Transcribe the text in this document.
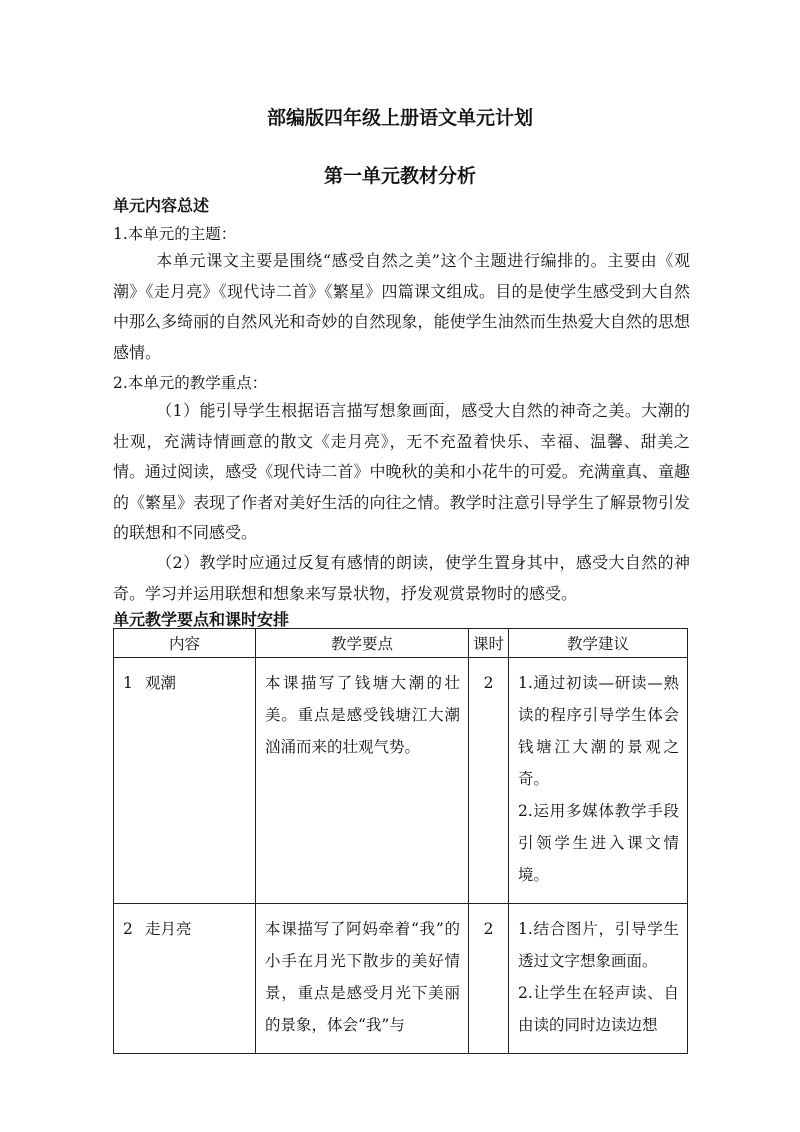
部编版四年级上册语文单元计划
第一单元教材分析
单元内容总述
1.本单元的主题：
本单元课文主要是围绕“感受自然之美”这个主题进行编排的。主要由《观潮》《走月亮》《现代诗二首》《繁星》四篇课文组成。目的是使学生感受到大自然中那么多绮丽的自然风光和奇妙的自然现象，能使学生油然而生热爱大自然的思想感情。
2.本单元的教学重点：
（1）能引导学生根据语言描写想象画面，感受大自然的神奇之美。大潮的壮观，充满诗情画意的散文《走月亮》，无不充盈着快乐、幸福、温馨、甜美之情。通过阅读，感受《现代诗二首》中晚秋的美和小花牛的可爱。充满童真、童趣的《繁星》表现了作者对美好生活的向往之情。教学时注意引导学生了解景物引发的联想和不同感受。
（2）教学时应通过反复有感情的朗读，使学生置身其中，感受大自然的神奇。学习并运用联想和想象来写景状物，抒发观赏景物时的感受。
单元教学要点和课时安排
内容	教学要点	课时	教学建议

1 观潮	本课描写了钱塘大潮的壮美。重点是感受钱塘江大潮汹涌而来的壮观气势。	2	1.通过初读—研读—熟读的程序引导学生体会钱塘江大潮的景观之奇。
2.运用多媒体教学手段引领学生进入课文情境。

2 走月亮	本课描写了阿妈牵着“我”的小手在月光下散步的美好情景，重点是感受月光下美丽的景象，体会“我”与	2	1.结合图片，引导学生透过文字想象画面。
2.让学生在轻声读、自由读的同时边读边想
